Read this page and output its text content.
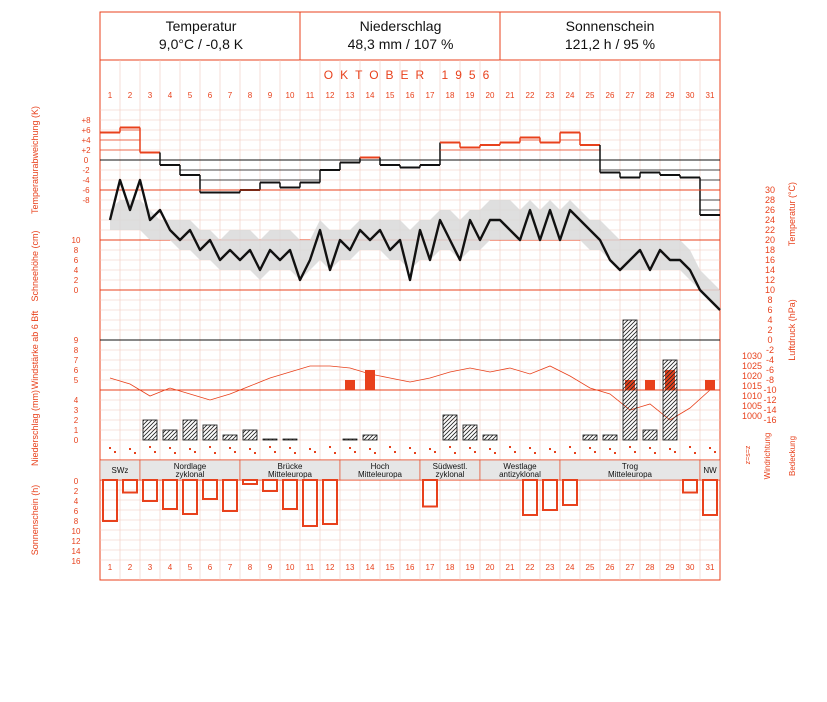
Temperatur
9,0°C / -0,8 K
Niederschlag
48,3 mm / 107 %
Sonnenschein
121,2 h / 95 %
OKTOBER 1956
1
1
2
2
3
3
4
4
5
5
6
6
7
7
8
8
9
9
10
10
11
11
12
12
13
13
14
14
15
15
16
16
17
17
18
18
19
19
20
20
21
21
22
22
23
23
24
24
25
25
26
26
27
27
28
28
29
29
30
30
31
31
+8
+6
+4
+2
0
-2
-4
-6
-8
Temperaturabweichung (K)	30
28
26
24
22
20
18
16
14
12
10
8
6
4
2
0
-2
-4
-6
-8
-10
-12
-14
-16
Temperatur (°C)
10
8
6
4
2
0
Schneehöhe (cm)
1030
1025
1020
1015
1010
1005
1000
Luftdruck (hPa)
9
8
7
6
5
Windstärke ab 6 Bft
4
3
2
1
0
Niederschlag (mm)	Windrichtung Bedeckung
z=s=z
SWz	Nordlage
zyklonal
Brücke
Mitteleuropa
Hoch
Mitteleuropa
Südwestl.
zyklonal
Westlage
antizyklonal
Trog
Mitteleuropa	NW
0
2
4
6
8
10
12
14
16
Sonnenschein (h)
